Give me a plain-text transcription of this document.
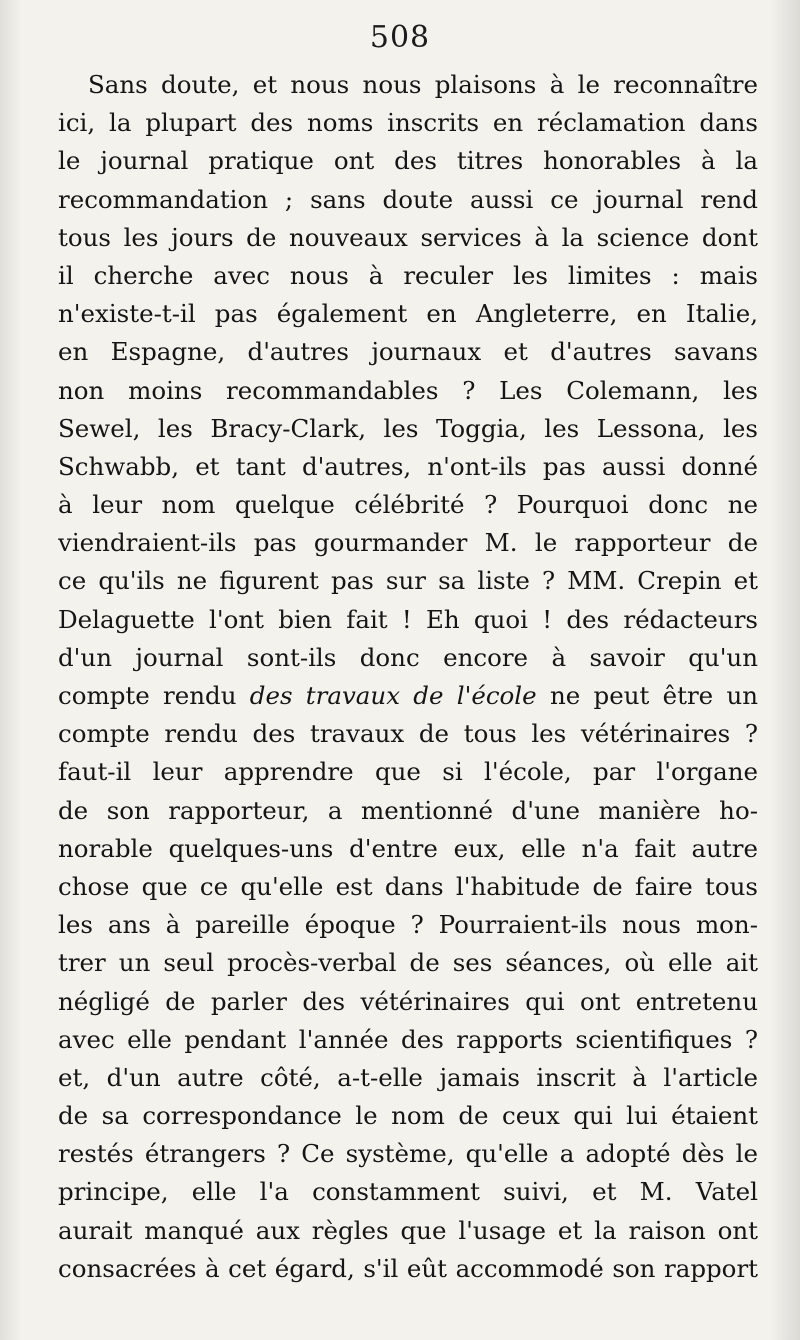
508
Sans doute, et nous nous plaisons à le reconnaître
ici, la plupart des noms inscrits en réclamation dans
le journal pratique ont des titres honorables à la
recommandation ; sans doute aussi ce journal rend
tous les jours de nouveaux services à la science dont
il cherche avec nous à reculer les limites : mais
n'existe-t-il pas également en Angleterre, en Italie,
en Espagne, d'autres journaux et d'autres savans
non moins recommandables ? Les Colemann, les
Sewel, les Bracy-Clark, les Toggia, les Lessona, les
Schwabb, et tant d'autres, n'ont-ils pas aussi donné
à leur nom quelque célébrité ? Pourquoi donc ne
viendraient-ils pas gourmander M. le rapporteur de
ce qu'ils ne figurent pas sur sa liste ? MM. Crepin et
Delaguette l'ont bien fait ! Eh quoi ! des rédacteurs
d'un journal sont-ils donc encore à savoir qu'un
compte rendu des travaux de l'école ne peut être un
compte rendu des travaux de tous les vétérinaires ?
faut-il leur apprendre que si l'école, par l'organe
de son rapporteur, a mentionné d'une manière ho-
norable quelques-uns d'entre eux, elle n'a fait autre
chose que ce qu'elle est dans l'habitude de faire tous
les ans à pareille époque ? Pourraient-ils nous mon-
trer un seul procès-verbal de ses séances, où elle ait
négligé de parler des vétérinaires qui ont entretenu
avec elle pendant l'année des rapports scientifiques ?
et, d'un autre côté, a-t-elle jamais inscrit à l'article
de sa correspondance le nom de ceux qui lui étaient
restés étrangers ? Ce système, qu'elle a adopté dès le
principe, elle l'a constamment suivi, et M. Vatel
aurait manqué aux règles que l'usage et la raison ont
consacrées à cet égard, s'il eût accommodé son rapport
